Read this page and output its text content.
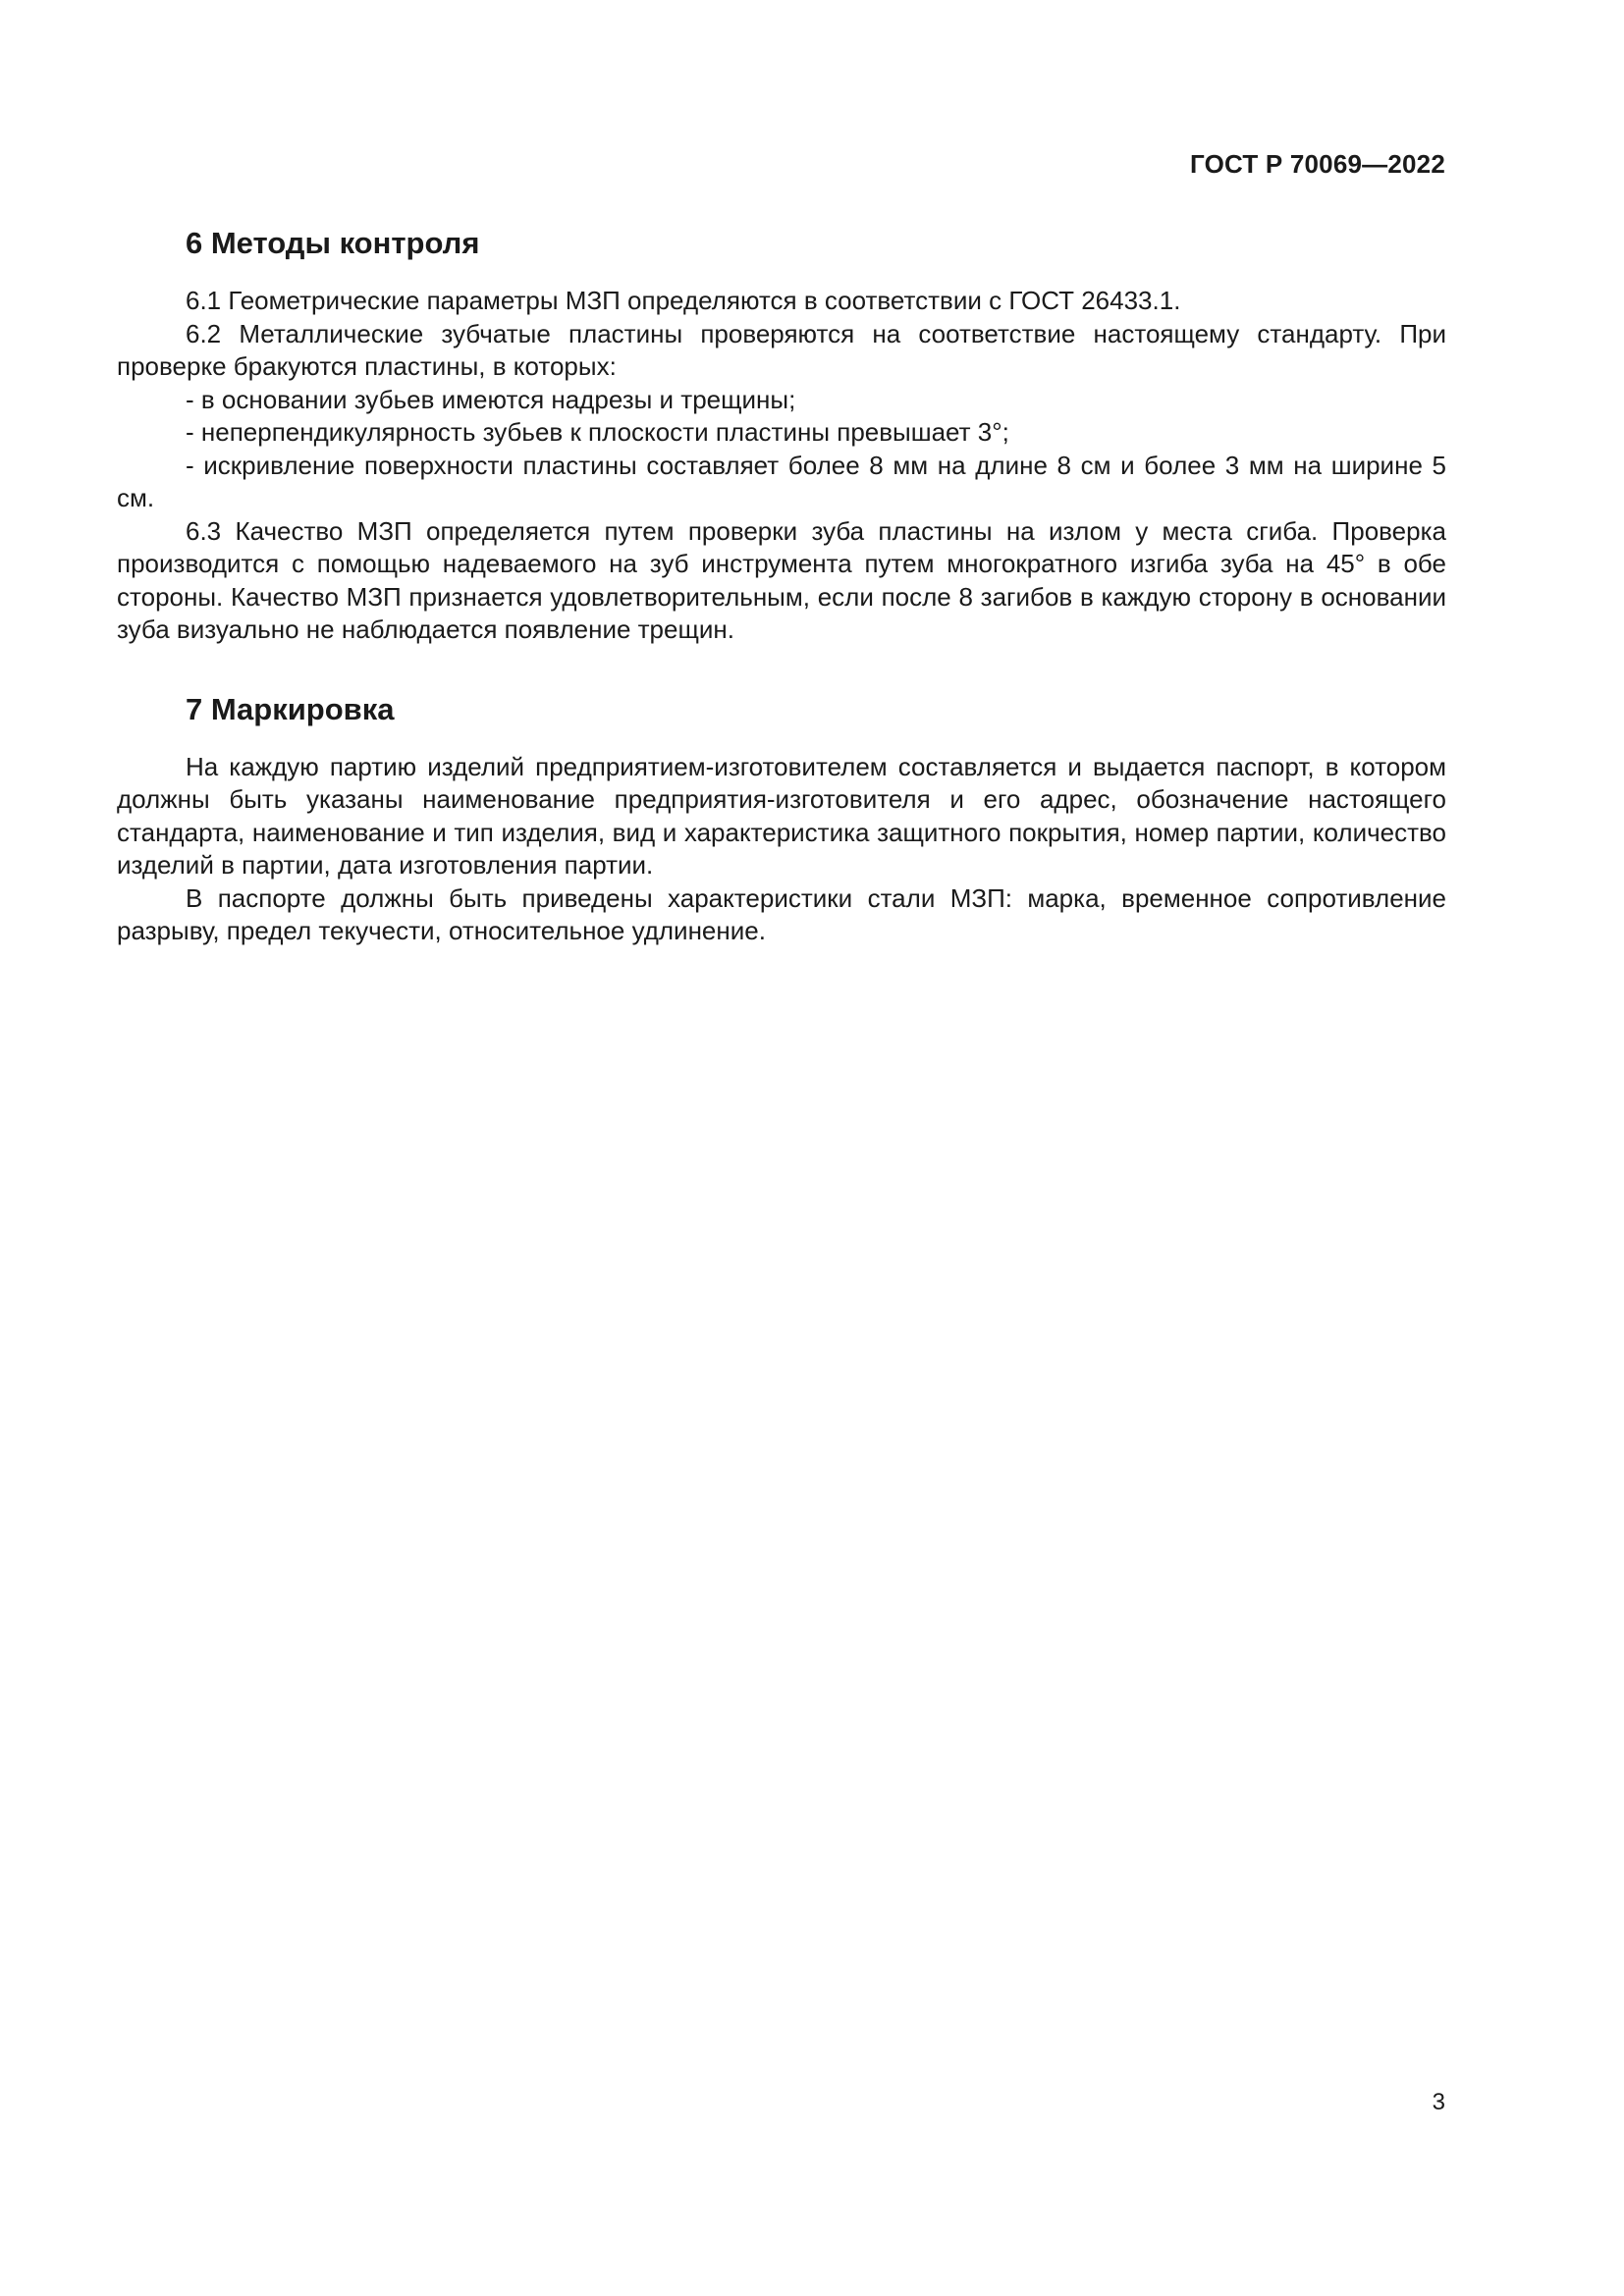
ГОСТ Р 70069—2022
6 Методы контроля

6.1 Геометрические параметры МЗП определяются в соответствии с ГОСТ 26433.1.

6.2 Металлические зубчатые пластины проверяются на соответствие настоящему стандарту. При проверке бракуются пластины, в которых:

- в основании зубьев имеются надрезы и трещины;

- неперпендикулярность зубьев к плоскости пластины превышает 3°;

- искривление поверхности пластины составляет более 8 мм на длине 8 см и более 3 мм на ширине 5 см.

6.3 Качество МЗП определяется путем проверки зуба пластины на излом у места сгиба. Проверка производится с помощью надеваемого на зуб инструмента путем многократного изгиба зуба на 45° в обе стороны. Качество МЗП признается удовлетворительным, если после 8 загибов в каждую сторону в основании зуба визуально не наблюдается появление трещин.

7 Маркировка

На каждую партию изделий предприятием-изготовителем составляется и выдается паспорт, в котором должны быть указаны наименование предприятия-изготовителя и его адрес, обозначение настоящего стандарта, наименование и тип изделия, вид и характеристика защитного покрытия, номер партии, количество изделий в партии, дата изготовления партии.

В паспорте должны быть приведены характеристики стали МЗП: марка, временное сопротивление разрыву, предел текучести, относительное удлинение.

3
